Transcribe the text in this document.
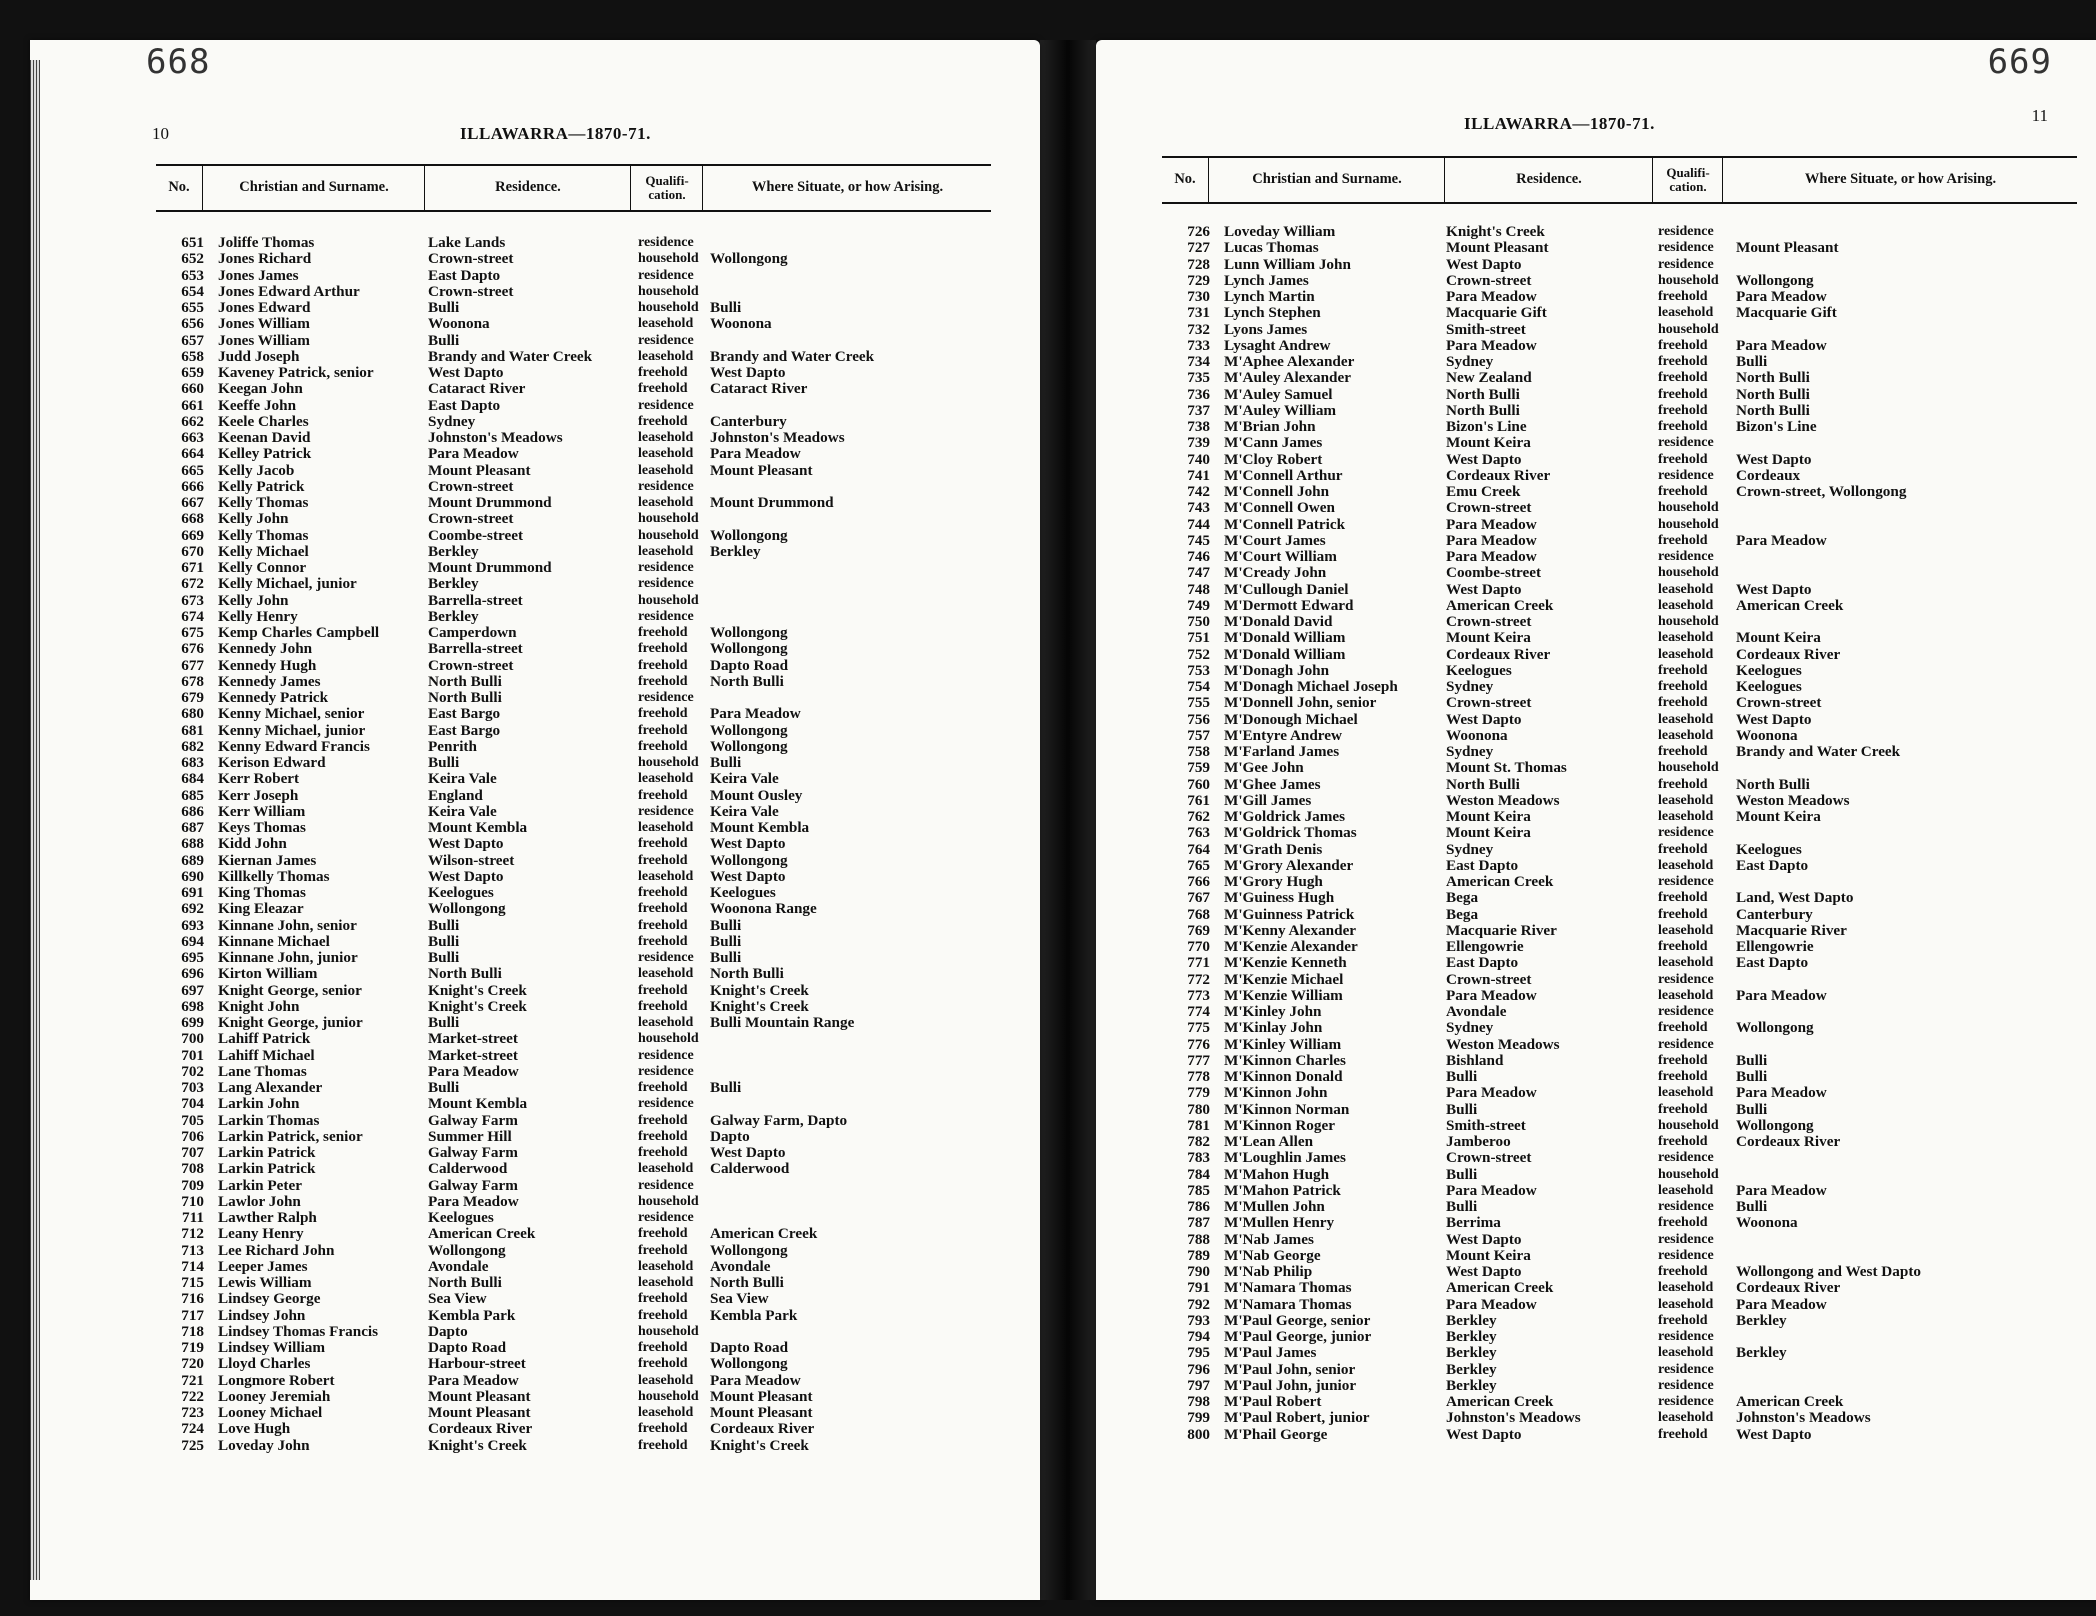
668
10	ILLAWARRA—1870-71.
No.	Christian and Surname.	Residence.	Qualifi-cation.	Where Situate, or how Arising.
651 Joliffe Thomas	Lake Lands	residence
652 Jones Richard	Crown-street	household Wollongong
653 Jones James	East Dapto	residence
654 Jones Edward Arthur	Crown-street	household
655 Jones Edward	Bulli	household Bulli
656 Jones William	Woonona	leasehold	Woonona
657 Jones William	Bulli	residence
658 Judd Joseph	Brandy and Water Creek	leasehold	Brandy and Water Creek
659 Kaveney Patrick, senior	West Dapto	freehold	West Dapto
660 Keegan John	Cataract River	freehold	Cataract River
661 Keeffe John	East Dapto	residence
662 Keele Charles	Sydney	freehold	Canterbury
663 Keenan David	Johnston's Meadows	leasehold	Johnston's Meadows
664 Kelley Patrick	Para Meadow	leasehold	Para Meadow
665 Kelly Jacob	Mount Pleasant	leasehold	Mount Pleasant
666 Kelly Patrick	Crown-street	residence
667 Kelly Thomas	Mount Drummond	leasehold	Mount Drummond
668 Kelly John	Crown-street	household
669 Kelly Thomas	Coombe-street	household Wollongong
670 Kelly Michael	Berkley	leasehold	Berkley
671 Kelly Connor	Mount Drummond	residence
672 Kelly Michael, junior	Berkley	residence
673 Kelly John	Barrella-street	household
674 Kelly Henry	Berkley	residence
675 Kemp Charles Campbell	Camperdown	freehold	Wollongong
676 Kennedy John	Barrella-street	freehold	Wollongong
677 Kennedy Hugh	Crown-street	freehold	Dapto Road
678 Kennedy James	North Bulli	freehold	North Bulli
679 Kennedy Patrick	North Bulli	residence
680 Kenny Michael, senior	East Bargo	freehold	Para Meadow
681 Kenny Michael, junior	East Bargo	freehold	Wollongong
682 Kenny Edward Francis	Penrith	freehold	Wollongong
683 Kerison Edward	Bulli	household Bulli
684 Kerr Robert	Keira Vale	leasehold	Keira Vale
685 Kerr Joseph	England	freehold	Mount Ousley
686 Kerr William	Keira Vale	residence	Keira Vale
687 Keys Thomas	Mount Kembla	leasehold	Mount Kembla
688 Kidd John	West Dapto	freehold	West Dapto
689 Kiernan James	Wilson-street	freehold	Wollongong
690 Killkelly Thomas	West Dapto	leasehold	West Dapto
691 King Thomas	Keelogues	freehold	Keelogues
692 King Eleazar	Wollongong	freehold	Woonona Range
693 Kinnane John, senior	Bulli	freehold	Bulli
694 Kinnane Michael	Bulli	freehold	Bulli
695 Kinnane John, junior	Bulli	residence	Bulli
696 Kirton William	North Bulli	leasehold	North Bulli
697 Knight George, senior	Knight's Creek	freehold	Knight's Creek
698 Knight John	Knight's Creek	freehold	Knight's Creek
699 Knight George, junior	Bulli	leasehold	Bulli Mountain Range
700 Lahiff Patrick	Market-street	household
701 Lahiff Michael	Market-street	residence
702 Lane Thomas	Para Meadow	residence
703 Lang Alexander	Bulli	freehold	Bulli
704 Larkin John	Mount Kembla	residence
705 Larkin Thomas	Galway Farm	freehold	Galway Farm, Dapto
706 Larkin Patrick, senior	Summer Hill	freehold	Dapto
707 Larkin Patrick	Galway Farm	freehold	West Dapto
708 Larkin Patrick	Calderwood	leasehold	Calderwood
709 Larkin Peter	Galway Farm	residence
710 Lawlor John	Para Meadow	household
711 Lawther Ralph	Keelogues	residence
712 Leany Henry	American Creek	freehold	American Creek
713 Lee Richard John	Wollongong	freehold	Wollongong
714 Leeper James	Avondale	leasehold	Avondale
715 Lewis William	North Bulli	leasehold	North Bulli
716 Lindsey George	Sea View	freehold	Sea View
717 Lindsey John	Kembla Park	freehold	Kembla Park
718 Lindsey Thomas Francis	Dapto	household
719 Lindsey William	Dapto Road	freehold	Dapto Road
720 Lloyd Charles	Harbour-street	freehold	Wollongong
721 Longmore Robert	Para Meadow	leasehold	Para Meadow
722 Looney Jeremiah	Mount Pleasant	household Mount Pleasant
723 Looney Michael	Mount Pleasant	leasehold	Mount Pleasant
724 Love Hugh	Cordeaux River	freehold	Cordeaux River
725 Loveday John	Knight's Creek	freehold	Knight's Creek
669
11
ILLAWARRA—1870-71.
No.	Christian and Surname.	Residence.	Qualifi-cation.	Where Situate, or how Arising.
726 Loveday William	Knight's Creek	residence
727 Lucas Thomas	Mount Pleasant	residence	Mount Pleasant
728 Lunn William John	West Dapto	residence
729 Lynch James	Crown-street	household	Wollongong
730 Lynch Martin	Para Meadow	freehold	Para Meadow
731 Lynch Stephen	Macquarie Gift	leasehold	Macquarie Gift
732 Lyons James	Smith-street	household
733 Lysaght Andrew	Para Meadow	freehold	Para Meadow
734 M'Aphee Alexander	Sydney	freehold	Bulli
735 M'Auley Alexander	New Zealand	freehold	North Bulli
736 M'Auley Samuel	North Bulli	freehold	North Bulli
737 M'Auley William	North Bulli	freehold	North Bulli
738 M'Brian John	Bizon's Line	freehold	Bizon's Line
739 M'Cann James	Mount Keira	residence
740 M'Cloy Robert	West Dapto	freehold	West Dapto
741 M'Connell Arthur	Cordeaux River	residence	Cordeaux
742 M'Connell John	Emu Creek	freehold	Crown-street, Wollongong
743 M'Connell Owen	Crown-street	household
744 M'Connell Patrick	Para Meadow	household
745 M'Court James	Para Meadow	freehold	Para Meadow
746 M'Court William	Para Meadow	residence
747 M'Cready John	Coombe-street	household
748 M'Cullough Daniel	West Dapto	leasehold	West Dapto
749 M'Dermott Edward	American Creek	leasehold	American Creek
750 M'Donald David	Crown-street	household
751 M'Donald William	Mount Keira	leasehold	Mount Keira
752 M'Donald William	Cordeaux River	leasehold	Cordeaux River
753 M'Donagh John	Keelogues	freehold	Keelogues
754 M'Donagh Michael Joseph	Sydney	freehold	Keelogues
755 M'Donnell John, senior	Crown-street	freehold	Crown-street
756 M'Donough Michael	West Dapto	leasehold	West Dapto
757 M'Entyre Andrew	Woonona	leasehold	Woonona
758 M'Farland James	Sydney	freehold	Brandy and Water Creek
759 M'Gee John	Mount St. Thomas	household
760 M'Ghee James	North Bulli	freehold	North Bulli
761 M'Gill James	Weston Meadows	leasehold	Weston Meadows
762 M'Goldrick James	Mount Keira	leasehold	Mount Keira
763 M'Goldrick Thomas	Mount Keira	residence
764 M'Grath Denis	Sydney	freehold	Keelogues
765 M'Grory Alexander	East Dapto	leasehold	East Dapto
766 M'Grory Hugh	American Creek	residence
767 M'Guiness Hugh	Bega	freehold	Land, West Dapto
768 M'Guinness Patrick	Bega	freehold	Canterbury
769 M'Kenny Alexander	Macquarie River	leasehold	Macquarie River
770 M'Kenzie Alexander	Ellengowrie	freehold	Ellengowrie
771 M'Kenzie Kenneth	East Dapto	leasehold	East Dapto
772 M'Kenzie Michael	Crown-street	residence
773 M'Kenzie William	Para Meadow	leasehold	Para Meadow
774 M'Kinley John	Avondale	residence
775 M'Kinlay John	Sydney	freehold	Wollongong
776 M'Kinley William	Weston Meadows	residence
777 M'Kinnon Charles	Bishland	freehold	Bulli
778 M'Kinnon Donald	Bulli	freehold	Bulli
779 M'Kinnon John	Para Meadow	leasehold	Para Meadow
780 M'Kinnon Norman	Bulli	freehold	Bulli
781 M'Kinnon Roger	Smith-street	household	Wollongong
782 M'Lean Allen	Jamberoo	freehold	Cordeaux River
783 M'Loughlin James	Crown-street	residence
784 M'Mahon Hugh	Bulli	household
785 M'Mahon Patrick	Para Meadow	leasehold	Para Meadow
786 M'Mullen John	Bulli	residence	Bulli
787 M'Mullen Henry	Berrima	freehold	Woonona
788 M'Nab James	West Dapto	residence
789 M'Nab George	Mount Keira	residence
790 M'Nab Philip	West Dapto	freehold	Wollongong and West Dapto
791 M'Namara Thomas	American Creek	leasehold	Cordeaux River
792 M'Namara Thomas	Para Meadow	leasehold	Para Meadow
793 M'Paul George, senior	Berkley	freehold	Berkley
794 M'Paul George, junior	Berkley	residence
795 M'Paul James	Berkley	leasehold	Berkley
796 M'Paul John, senior	Berkley	residence
797 M'Paul John, junior	Berkley	residence
798 M'Paul Robert	American Creek	residence	American Creek
799 M'Paul Robert, junior	Johnston's Meadows	leasehold	Johnston's Meadows
800 M'Phail George	West Dapto	freehold	West Dapto
